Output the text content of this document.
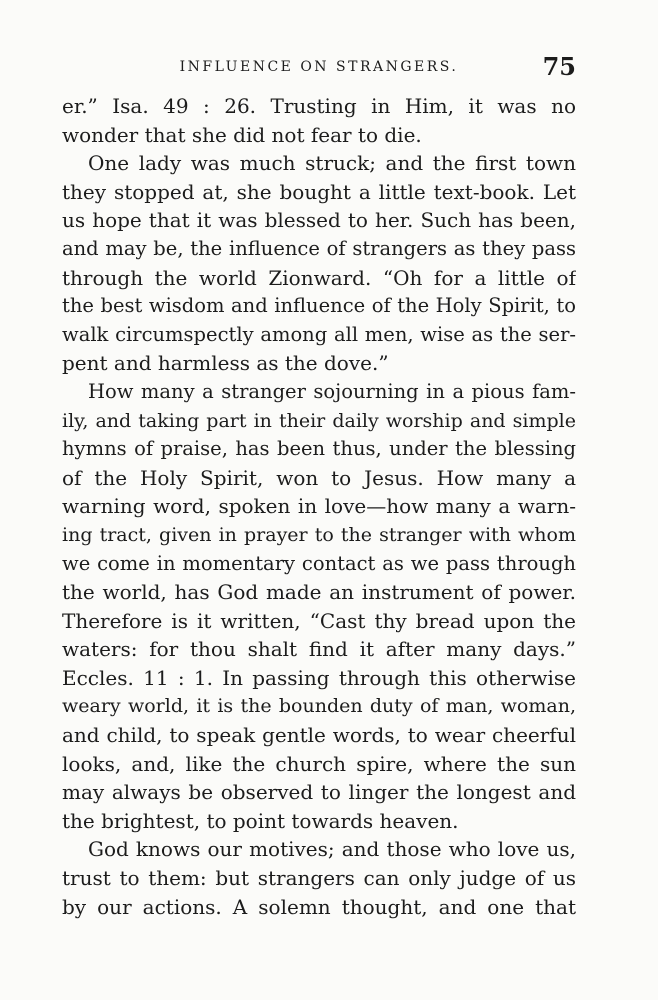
INFLUENCE ON STRANGERS.	75
er.” Isa. 49 : 26. Trusting in Him, it was no
wonder that she did not fear to die.
One lady was much struck; and the first town
they stopped at, she bought a little text-book. Let
us hope that it was blessed to her. Such has been,
and may be, the influence of strangers as they pass
through the world Zionward. “Oh for a little of
the best wisdom and influence of the Holy Spirit, to
walk circumspectly among all men, wise as the ser-
pent and harmless as the dove.”
How many a stranger sojourning in a pious fam-
ily, and taking part in their daily worship and simple
hymns of praise, has been thus, under the blessing
of the Holy Spirit, won to Jesus. How many a
warning word, spoken in love—how many a warn-
ing tract, given in prayer to the stranger with whom
we come in momentary contact as we pass through
the world, has God made an instrument of power.
Therefore is it written, “Cast thy bread upon the
waters: for thou shalt find it after many days.”
Eccles. 11 : 1. In passing through this otherwise
weary world, it is the bounden duty of man, woman,
and child, to speak gentle words, to wear cheerful
looks, and, like the church spire, where the sun
may always be observed to linger the longest and
the brightest, to point towards heaven.
God knows our motives; and those who love us,
trust to them: but strangers can only judge of us
by our actions. A solemn thought, and one that
